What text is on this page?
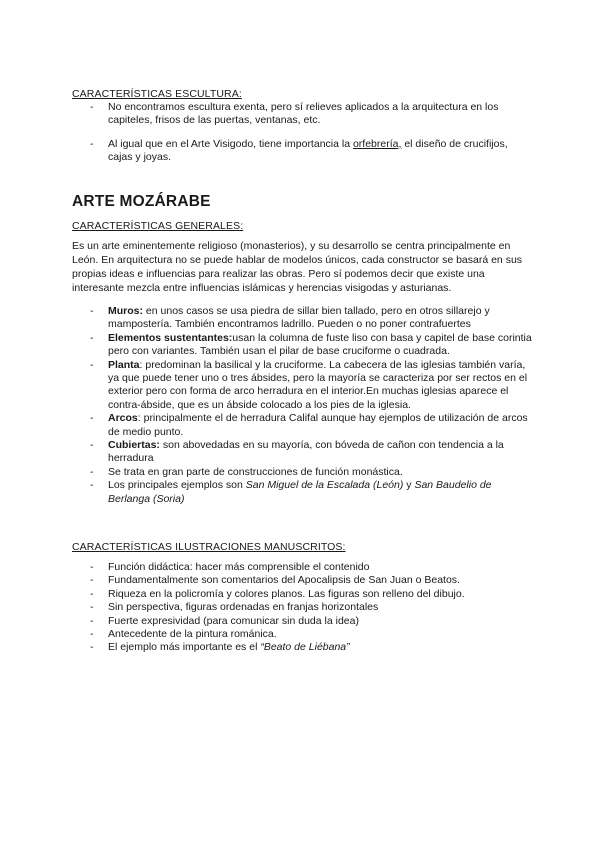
CARACTERÍSTICAS ESCULTURA:
- No encontramos escultura exenta, pero sí relieves aplicados a la arquitectura en los capiteles, frisos de las puertas, ventanas, etc.
- Al igual que en el Arte Visigodo, tiene importancia la orfebrería, el diseño de crucifijos, cajas y joyas.
ARTE MOZÁRABE
CARACTERÍSTICAS GENERALES:

Es un arte eminentemente religioso (monasterios), y su desarrollo se centra principalmente en León. En arquitectura no se puede hablar de modelos únicos, cada constructor se basará en sus propias ideas e influencias para realizar las obras. Pero sí podemos decir que existe una interesante mezcla entre influencias islámicas y herencias visigodas y asturianas.

- Muros: en unos casos se usa piedra de sillar bien tallado, pero en otros sillarejo y mampostería. También encontramos ladrillo. Pueden o no poner contrafuertes
- Elementos sustentantes:usan la columna de fuste liso con basa y capitel de base corintia pero con variantes. También usan el pilar de base cruciforme o cuadrada.
- Planta: predominan la basilical y la cruciforme. La cabecera de las iglesias también varía, ya que puede tener uno o tres ábsides, pero la mayoría se caracteriza por ser rectos en el exterior pero con forma de arco herradura en el interior.En muchas iglesias aparece el contra-ábside, que es un ábside colocado a los pies de la iglesia.
- Arcos: principalmente el de herradura Califal aunque hay ejemplos de utilización de arcos de medio punto.
- Cubiertas: son abovedadas en su mayoría, con bóveda de cañon con tendencia a la herradura
- Se trata en gran parte de construcciones de función monástica.
- Los principales ejemplos son San Miguel de la Escalada (León) y San Baudelio de Berlanga (Soria)
CARACTERÍSTICAS ILUSTRACIONES MANUSCRITOS:
- Función didáctica: hacer más comprensible el contenido
- Fundamentalmente son comentarios del Apocalipsis de San Juan o Beatos.
- Riqueza en la policromía y colores planos. Las figuras son relleno del dibujo.
- Sin perspectiva, figuras ordenadas en franjas horizontales
- Fuerte expresividad (para comunicar sin duda la idea)
- Antecedente de la pintura románica.
- El ejemplo más importante es el “Beato de Liébana”
